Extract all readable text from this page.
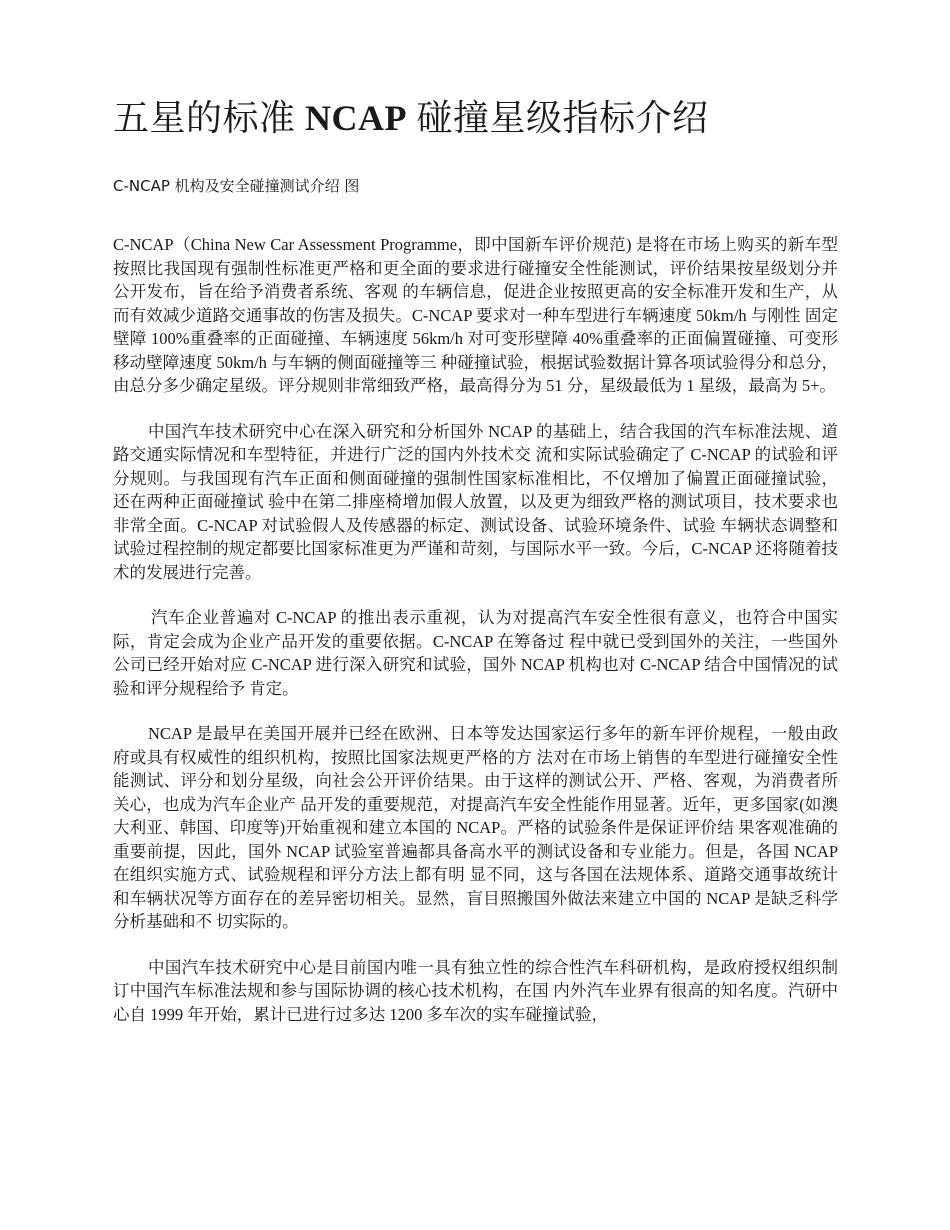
五星的标准 NCAP 碰撞星级指标介绍
C-NCAP 机构及安全碰撞测试介绍 图

C-NCAP（China New Car Assessment Programme，即中国新车评价规范) 是将在市场上购买的新车型按照比我国现有强制性标准更严格和更全面的要求进行碰撞安全性能测试，评价结果按星级划分并公开发布，旨在给予消费者系统、客观 的车辆信息，促进企业按照更高的安全标准开发和生产，从而有效减少道路交通事故的伤害及损失。C-NCAP 要求对一种车型进行车辆速度 50km/h 与刚性 固定壁障 100%重叠率的正面碰撞、车辆速度 56km/h 对可变形壁障 40%重叠率的正面偏置碰撞、可变形移动壁障速度 50km/h 与车辆的侧面碰撞等三 种碰撞试验，根据试验数据计算各项试验得分和总分，由总分多少确定星级。评分规则非常细致严格，最高得分为 51 分，星级最低为 1 星级，最高为 5+。

中国汽车技术研究中心在深入研究和分析国外 NCAP 的基础上，结合我国的汽车标准法规、道路交通实际情况和车型特征，并进行广泛的国内外技术交 流和实际试验确定了 C-NCAP 的试验和评分规则。与我国现有汽车正面和侧面碰撞的强制性国家标准相比，不仅增加了偏置正面碰撞试验，还在两种正面碰撞试 验中在第二排座椅增加假人放置，以及更为细致严格的测试项目，技术要求也非常全面。C-NCAP 对试验假人及传感器的标定、测试设备、试验环境条件、试验 车辆状态调整和试验过程控制的规定都要比国家标准更为严谨和苛刻，与国际水平一致。今后，C-NCAP 还将随着技术的发展进行完善。

汽车企业普遍对 C-NCAP 的推出表示重视，认为对提高汽车安全性很有意义，也符合中国实际，肯定会成为企业产品开发的重要依据。C-NCAP 在筹备过 程中就已受到国外的关注，一些国外公司已经开始对应 C-NCAP 进行深入研究和试验，国外 NCAP 机构也对 C-NCAP 结合中国情况的试验和评分规程给予 肯定。

NCAP 是最早在美国开展并已经在欧洲、日本等发达国家运行多年的新车评价规程，一般由政府或具有权威性的组织机构，按照比国家法规更严格的方 法对在市场上销售的车型进行碰撞安全性能测试、评分和划分星级，向社会公开评价结果。由于这样的测试公开、严格、客观，为消费者所关心，也成为汽车企业产 品开发的重要规范，对提高汽车安全性能作用显著。近年，更多国家(如澳大利亚、韩国、印度等)开始重视和建立本国的 NCAP。严格的试验条件是保证评价结 果客观准确的重要前提，因此，国外 NCAP 试验室普遍都具备高水平的测试设备和专业能力。但是，各国 NCAP 在组织实施方式、试验规程和评分方法上都有明 显不同，这与各国在法规体系、道路交通事故统计和车辆状况等方面存在的差异密切相关。显然，盲目照搬国外做法来建立中国的 NCAP 是缺乏科学分析基础和不 切实际的。

中国汽车技术研究中心是目前国内唯一具有独立性的综合性汽车科研机构，是政府授权组织制订中国汽车标准法规和参与国际协调的核心技术机构，在国 内外汽车业界有很高的知名度。汽研中心自 1999 年开始，累计已进行过多达 1200 多车次的实车碰撞试验，
